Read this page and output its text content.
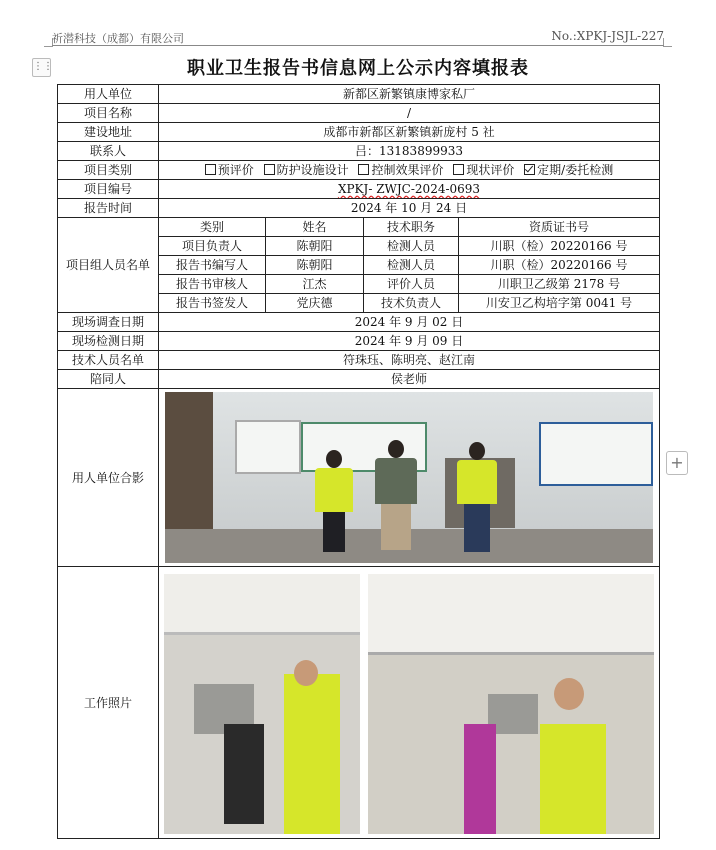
祈潜科技（成都）有限公司	No.:XPKJ-JSJL-227
⋮⋮
+
职业卫生报告书信息网上公示内容填报表
用人单位	新都区新繁镇康博家私厂			
项目名称	/			
建设地址	成都市新都区新繁镇新庞村 5 社			
联系人	吕：13183899933			
项目类别	预评价 防护设施设计 控制效果评价 现状评价 定期/委托检测			
项目编号	XPKJ- ZWJC-2024-0693			
报告时间	2024 年 10 月 24 日			
项目组人员名单	类别	姓名	技术职务	资质证书号
	项目负责人	陈朝阳	检测人员	川职（检）20220166 号
	报告书编写人	陈朝阳	检测人员	川职（检）20220166 号
	报告书审核人	江杰	评价人员	川职卫乙级第 2178 号
	报告书签发人	党庆德	技术负责人	川安卫乙构培字第 0041 号
现场调查日期	2024 年 9 月 02 日			
现场检测日期	2024 年 9 月 09 日			
技术人员名单	符珠珏、陈明亮、赵江南			
陪同人	侯老师			
用人单位合影				

工作照片				
